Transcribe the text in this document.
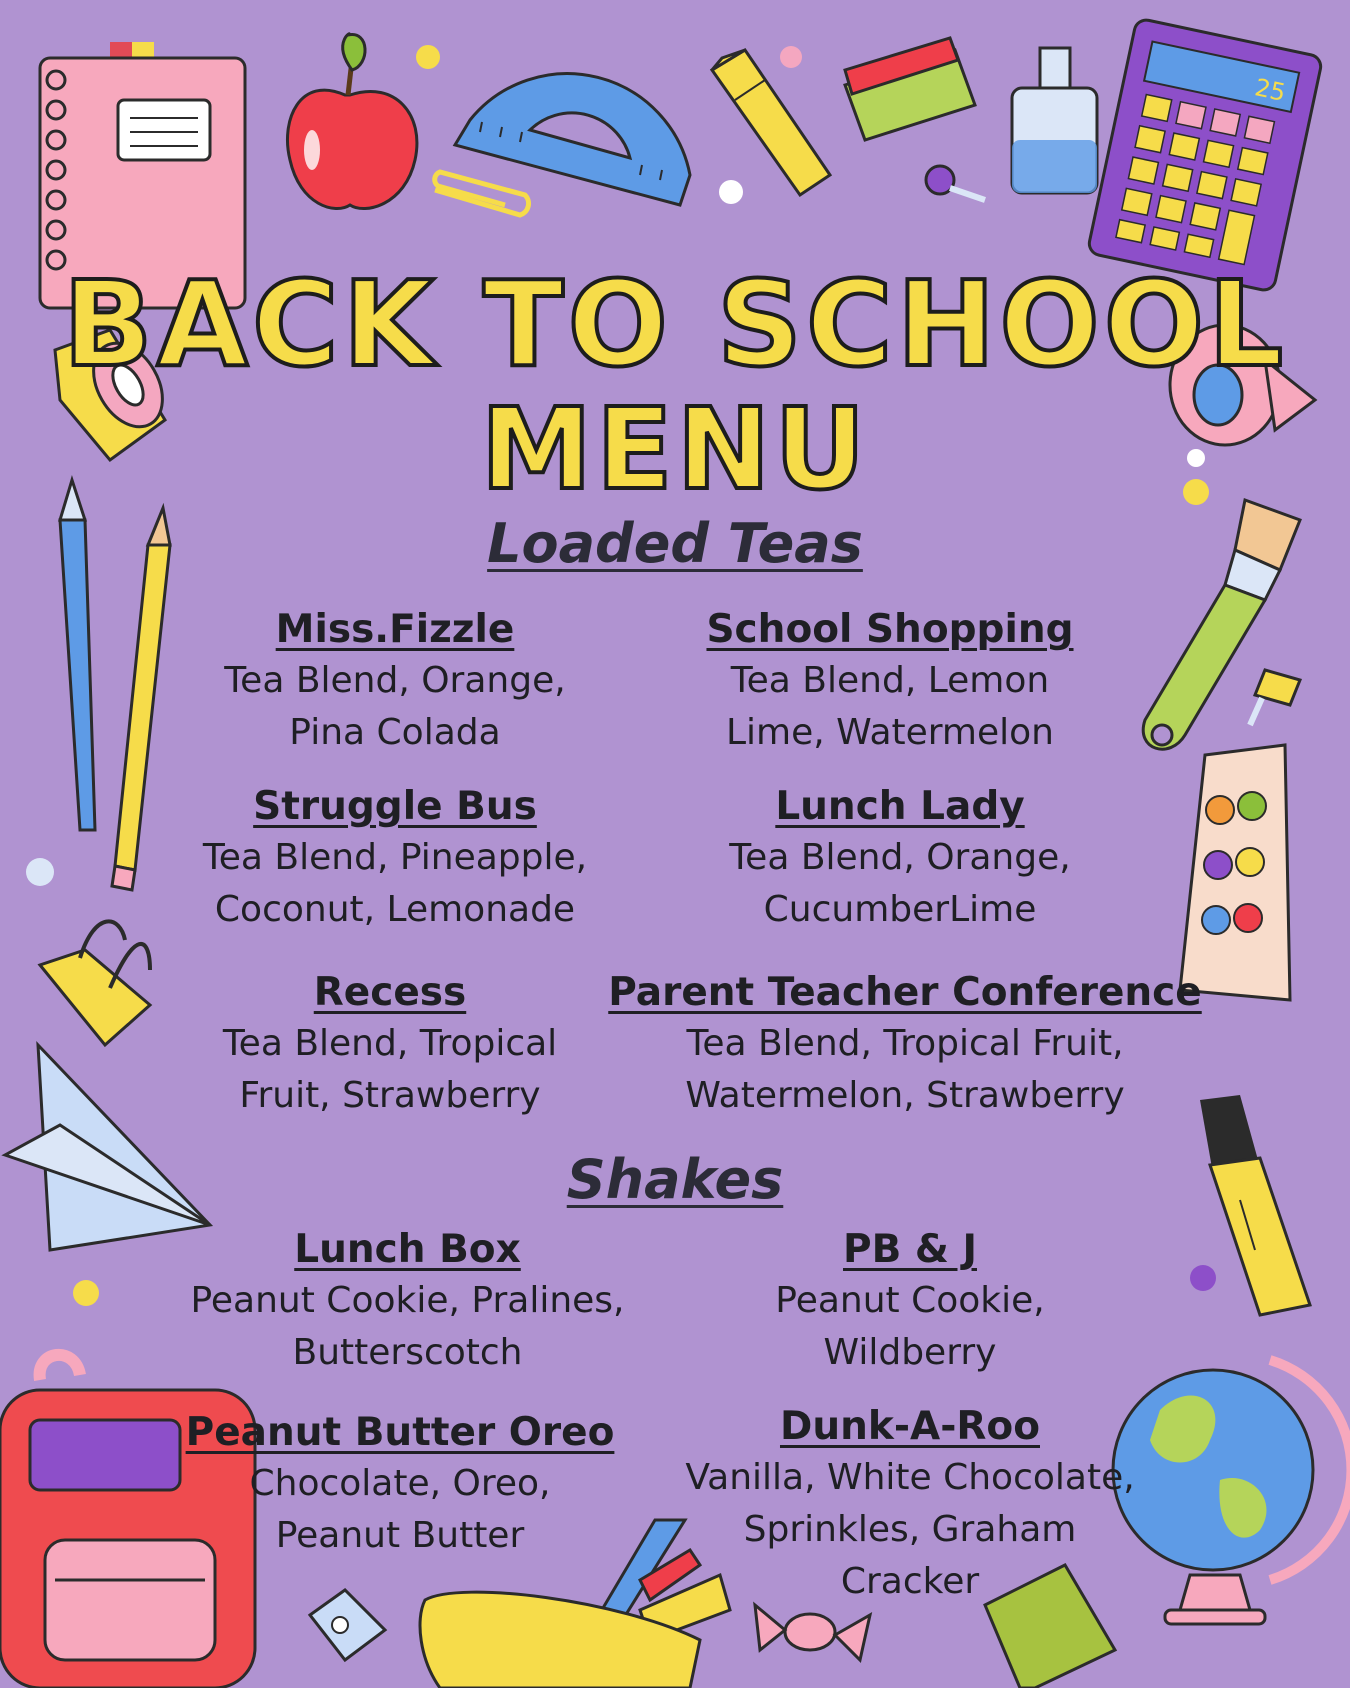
25
BACK TO SCHOOL
MENU
Loaded Teas

Miss.Fizzle

Tea Blend, Orange,
Pina Colada

School Shopping

Tea Blend, Lemon
Lime, Watermelon

Struggle Bus

Tea Blend, Pineapple,
Coconut, Lemonade

Lunch Lady

Tea Blend, Orange,
CucumberLime

Recess

Tea Blend, Tropical
Fruit, Strawberry

Parent Teacher Conference

Tea Blend, Tropical Fruit,
Watermelon, Strawberry

Shakes

Lunch Box

Peanut Cookie, Pralines,
Butterscotch

PB & J

Peanut Cookie,
Wildberry

Peanut Butter Oreo

Chocolate, Oreo,
Peanut Butter

Dunk-A-Roo

Vanilla, White Chocolate,
Sprinkles, Graham
Cracker
